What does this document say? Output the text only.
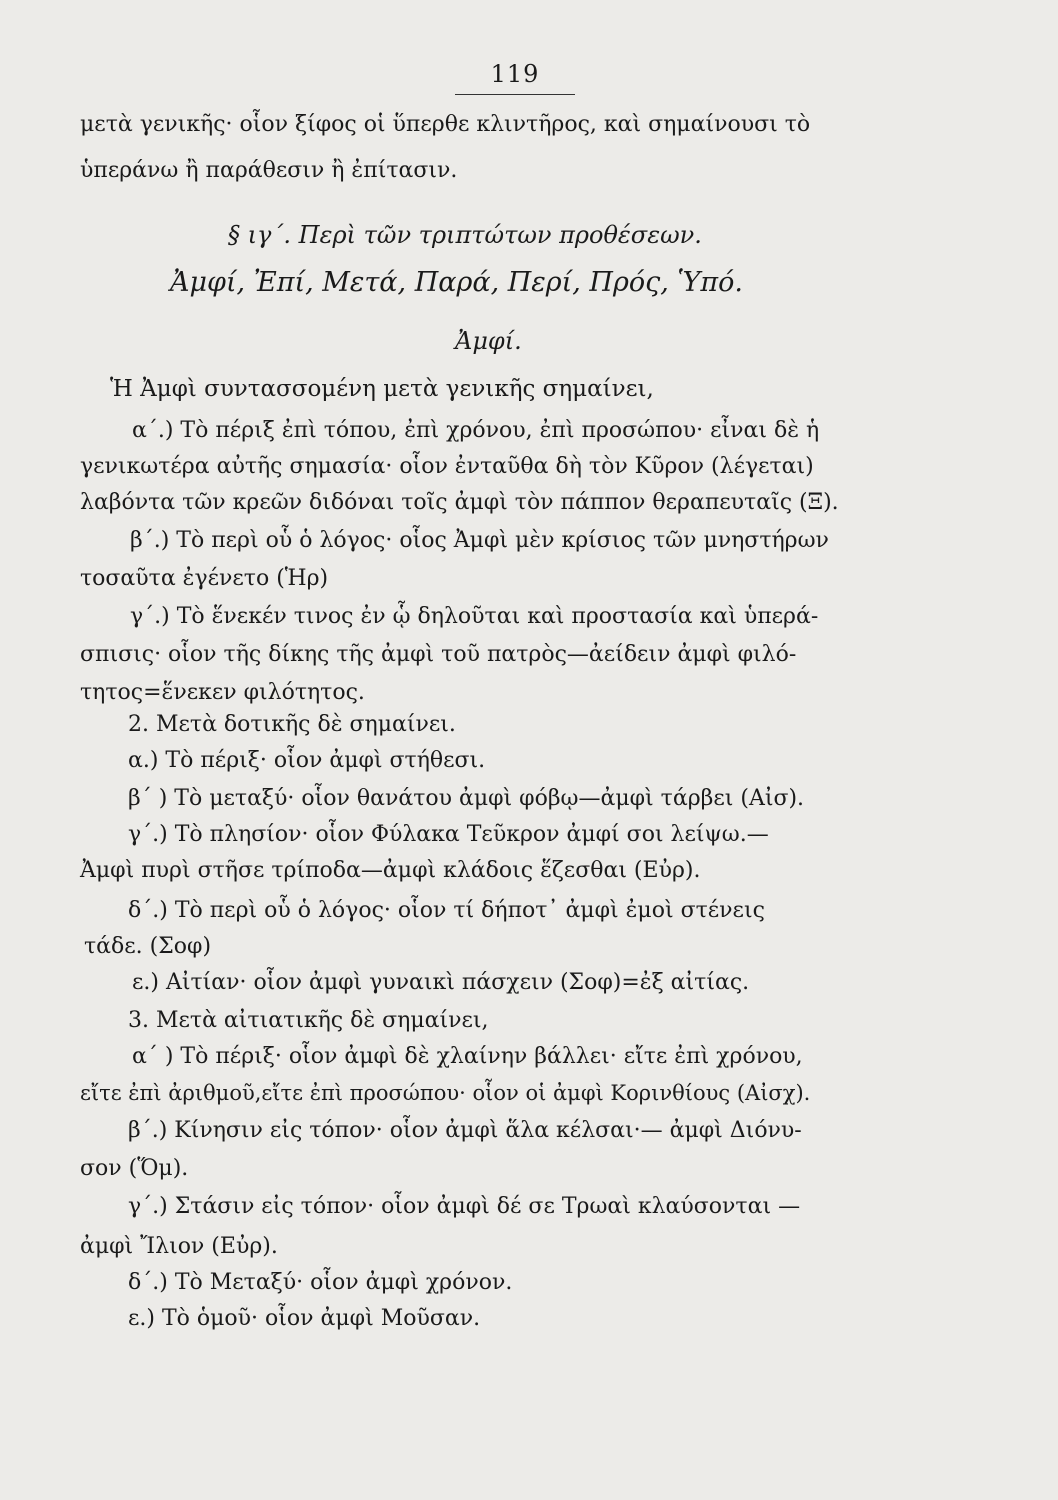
119
μετὰ γενικῆς· οἷον ξίφος οἱ ὕπερθε κλιντῆρος, καὶ σημαίνουσι τὸ
ὑπεράνω ἢ παράθεσιν ἢ ἐπίτασιν.
§ ιγ΄. Περὶ τῶν τριπτώτων προθέσεων.
Ἀμφί, Ἐπί, Μετά, Παρά, Περί, Πρός, Ὑπό.
Ἀμφί.
Ἡ Ἀμφὶ συντασσομένη μετὰ γενικῆς σημαίνει,
α΄.) Τὸ πέριξ ἐπὶ τόπου, ἐπὶ χρόνου, ἐπὶ προσώπου· εἶναι δὲ ἡ
γενικωτέρα αὐτῆς σημασία· οἷον ἐνταῦθα δὴ τὸν Κῦρον (λέγεται)
λαβόντα τῶν κρεῶν διδόναι τοῖς ἀμφὶ τὸν πάππον θεραπευταῖς (Ξ).
β΄.) Τὸ περὶ οὗ ὁ λόγος· οἷος Ἀμφὶ μὲν κρίσιος τῶν μνηστήρων
τοσαῦτα ἐγένετο (Ἡρ)
γ΄.) Τὸ ἕνεκέν τινος ἐν ᾧ δηλοῦται καὶ προστασία καὶ ὑπερά-
σπισις· οἷον τῆς δίκης τῆς ἀμφὶ τοῦ πατρὸς—ἀείδειν ἀμφὶ φιλό-
τητος=ἕνεκεν φιλότητος.
2. Μετὰ δοτικῆς δὲ σημαίνει.
α.) Τὸ πέριξ· οἷον ἀμφὶ στήθεσι.
β΄ ) Τὸ μεταξύ· οἷον θανάτου ἀμφὶ φόβῳ—ἀμφὶ τάρβει (Αἰσ).
γ΄.) Τὸ πλησίον· οἷον Φύλακα Τεῦκρον ἀμφί σοι λείψω.—
Ἀμφὶ πυρὶ στῆσε τρίποδα—ἀμφὶ κλάδοις ἕζεσθαι (Εὐρ).
δ΄.) Τὸ περὶ οὗ ὁ λόγος· οἷον τί δήποτ᾽ ἀμφὶ ἐμοὶ στένεις
τάδε. (Σοφ)
ε.) Αἰτίαν· οἷον ἀμφὶ γυναικὶ πάσχειν (Σοφ)=ἐξ αἰτίας.
3. Μετὰ αἰτιατικῆς δὲ σημαίνει,
α΄ ) Τὸ πέριξ· οἷον ἀμφὶ δὲ χλαίνην βάλλει· εἴτε ἐπὶ χρόνου,
εἴτε ἐπὶ ἀριθμοῦ,εἴτε ἐπὶ προσώπου· οἷον οἱ ἀμφὶ Κορινθίους (Αἰσχ).
β΄.) Κίνησιν εἰς τόπον· οἷον ἀμφὶ ἅλα κέλσαι·— ἀμφὶ Διόνυ-
σον (Ὅμ).
γ΄.) Στάσιν εἰς τόπον· οἷον ἀμφὶ δέ σε Τρωαὶ κλαύσονται —
ἀμφὶ Ἴλιον (Εὐρ).
δ΄.) Τὸ Μεταξύ· οἷον ἀμφὶ χρόνον.
ε.) Τὸ ὁμοῦ· οἷον ἀμφὶ Μοῦσαν.
